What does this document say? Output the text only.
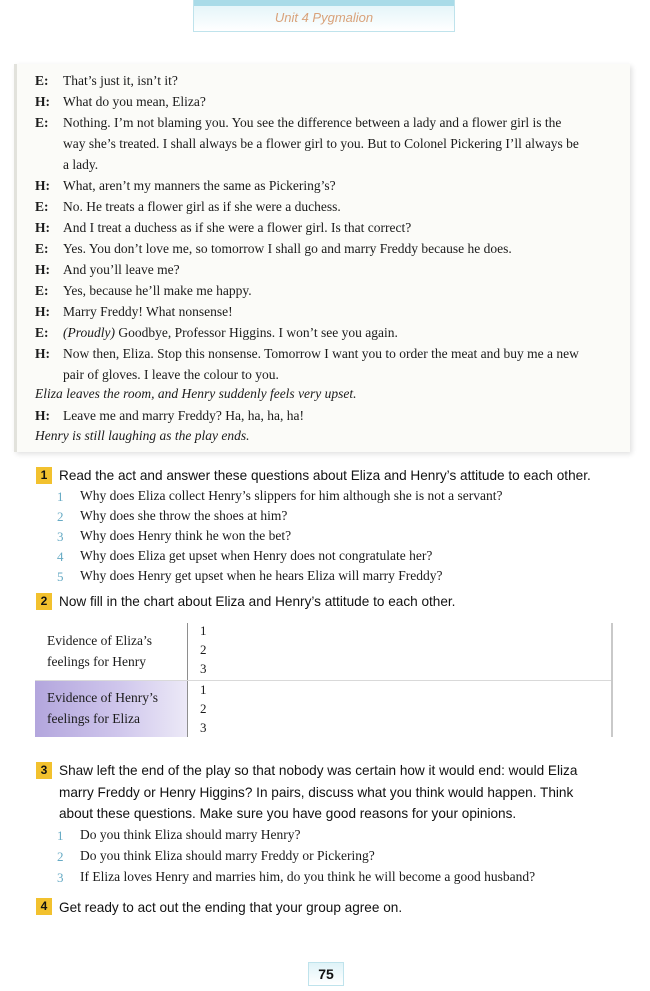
Unit 4 Pygmalion
E: That’s just it, isn’t it?
H: What do you mean, Eliza?
E: Nothing. I’m not blaming you. You see the difference between a lady and a flower girl is the
way she’s treated. I shall always be a flower girl to you. But to Colonel Pickering I’ll always be
a lady.
H: What, aren’t my manners the same as Pickering’s?
E: No. He treats a flower girl as if she were a duchess.
H: And I treat a duchess as if she were a flower girl. Is that correct?
E: Yes. You don’t love me, so tomorrow I shall go and marry Freddy because he does.
H: And you’ll leave me?
E: Yes, because he’ll make me happy.
H: Marry Freddy! What nonsense!
E: (Proudly) Goodbye, Professor Higgins. I won’t see you again.
H: Now then, Eliza. Stop this nonsense. Tomorrow I want you to order the meat and buy me a new
pair of gloves. I leave the colour to you.
Eliza leaves the room, and Henry suddenly feels very upset.
H: Leave me and marry Freddy? Ha, ha, ha, ha!
Henry is still laughing as the play ends.
1 Read the act and answer these questions about Eliza and Henry’s attitude to each other.
1 Why does Eliza collect Henry’s slippers for him although she is not a servant?
2 Why does she throw the shoes at him?
3 Why does Henry think he won the bet?
4 Why does Eliza get upset when Henry does not congratulate her?
5 Why does Henry get upset when he hears Eliza will marry Freddy?
2 Now fill in the chart about Eliza and Henry’s attitude to each other.
Evidence of Eliza’s
feelings for Henry
Evidence of Henry’s
feelings for Eliza
1
2
3
1
2
3
3 Shaw left the end of the play so that nobody was certain how it would end: would Eliza
marry Freddy or Henry Higgins? In pairs, discuss what you think would happen. Think
about these questions. Make sure you have good reasons for your opinions.
1 Do you think Eliza should marry Henry?
2 Do you think Eliza should marry Freddy or Pickering?
3 If Eliza loves Henry and marries him, do you think he will become a good husband?
4 Get ready to act out the ending that your group agree on.
75
